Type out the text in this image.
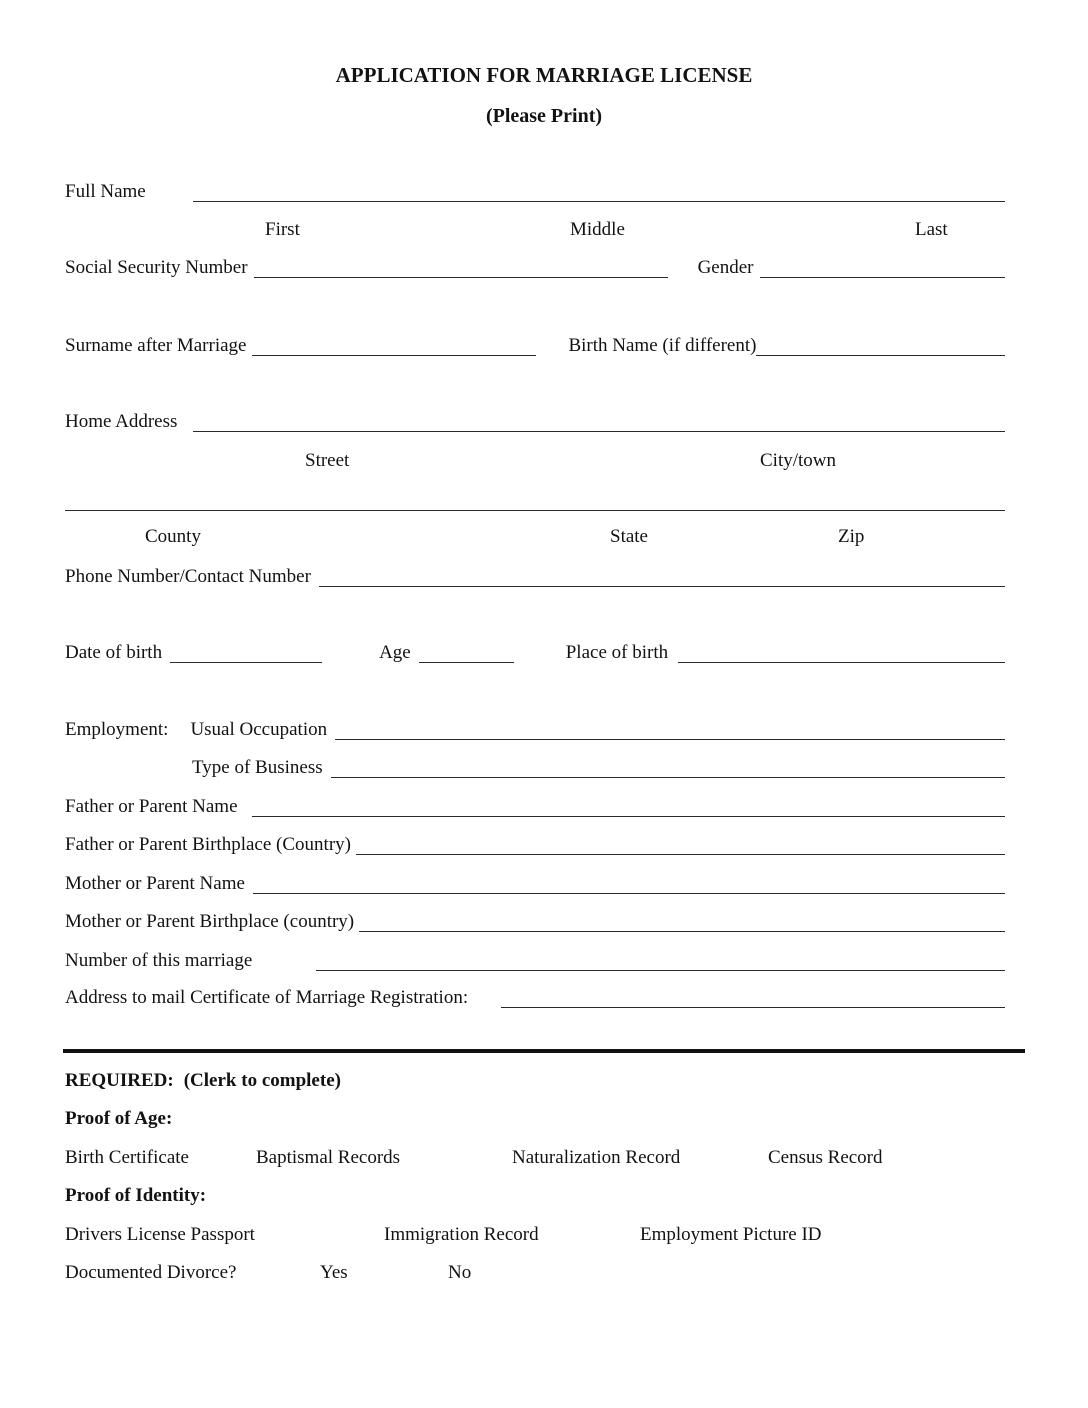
APPLICATION FOR MARRIAGE LICENSE
(Please Print)
Full Name
First	Middle	Last
Social Security Number	Gender
Surname after Marriage	Birth Name (if different)
Home Address
Street	City/town
County	State	Zip
Phone Number/Contact Number
Date of birth	Age	Place of birth
Employment: Usual Occupation
Type of Business
Father or Parent Name
Father or Parent Birthplace (Country)
Mother or Parent Name
Mother or Parent Birthplace (country)
Number of this marriage
Address to mail Certificate of Marriage Registration:
REQUIRED: (Clerk to complete)
Proof of Age:
Birth Certificate	Baptismal Records	Naturalization Record	Census Record
Proof of Identity:
Drivers License Passport	Immigration Record	Employment Picture ID
Documented Divorce?	Yes	No
